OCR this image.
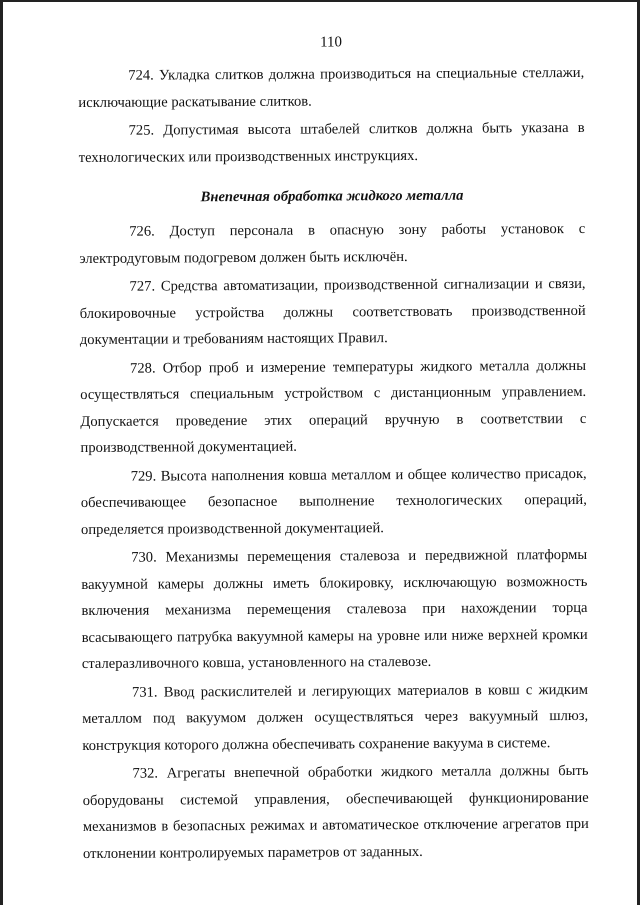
110

724. Укладка слитков должна производиться на специальные стеллажи, исключающие раскатывание слитков.

725. Допустимая высота штабелей слитков должна быть указана в технологических или производственных инструкциях.

Внепечная обработка жидкого металла

726. Доступ персонала в опасную зону работы установок с электродуговым подогревом должен быть исключён.

727. Средства автоматизации, производственной сигнализации и связи, блокировочные устройства должны соответствовать производственной документации и требованиям настоящих Правил.

728. Отбор проб и измерение температуры жидкого металла должны осуществляться специальным устройством с дистанционным управлением. Допускается проведение этих операций вручную в соответствии с производственной документацией.

729. Высота наполнения ковша металлом и общее количество присадок, обеспечивающее безопасное выполнение технологических операций, определяется производственной документацией.

730. Механизмы перемещения сталевоза и передвижной платформы вакуумной камеры должны иметь блокировку, исключающую возможность включения механизма перемещения сталевоза при нахождении торца всасывающего патрубка вакуумной камеры на уровне или ниже верхней кромки сталеразливочного ковша, установленного на сталевозе.

731. Ввод раскислителей и легирующих материалов в ковш с жидким металлом под вакуумом должен осуществляться через вакуумный шлюз, конструкция которого должна обеспечивать сохранение вакуума в системе.

732. Агрегаты внепечной обработки жидкого металла должны быть оборудованы системой управления, обеспечивающей функционирование механизмов в безопасных режимах и автоматическое отключение агрегатов при отклонении контролируемых параметров от заданных.
